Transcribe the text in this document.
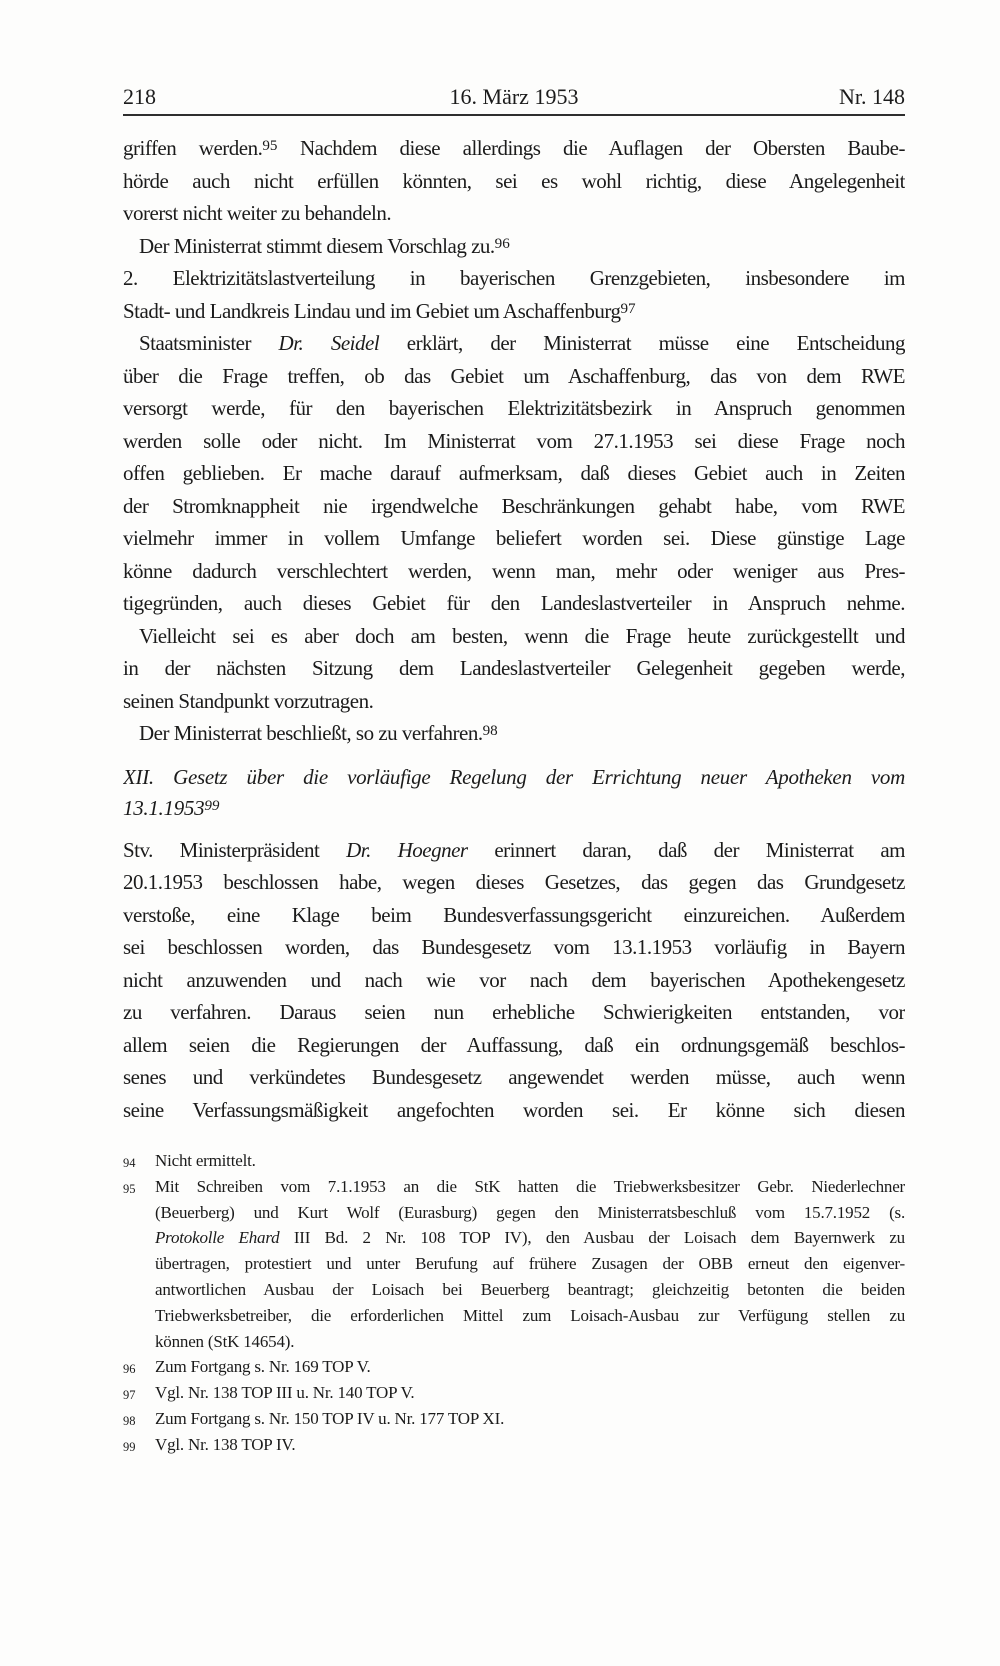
218	16. März 1953	Nr. 148
griffen werden.$^{95}$ Nachdem diese allerdings die Auflagen der Obersten Baube-
hörde auch nicht erfüllen könnten, sei es wohl richtig, diese Angelegenheit
vorerst nicht weiter zu behandeln.
Der Ministerrat stimmt diesem Vorschlag zu.$^{96}$
2. Elektrizitätslastverteilung in bayerischen Grenzgebieten, insbesondere im
Stadt- und Landkreis Lindau und im Gebiet um Aschaffenburg$^{97}$
Staatsminister Dr. Seidel erklärt, der Ministerrat müsse eine Entscheidung
über die Frage treffen, ob das Gebiet um Aschaffenburg, das von dem RWE
versorgt werde, für den bayerischen Elektrizitätsbezirk in Anspruch genommen
werden solle oder nicht. Im Ministerrat vom 27.1.1953 sei diese Frage noch
offen geblieben. Er mache darauf aufmerksam, daß dieses Gebiet auch in Zeiten
der Stromknappheit nie irgendwelche Beschränkungen gehabt habe, vom RWE
vielmehr immer in vollem Umfange beliefert worden sei. Diese günstige Lage
könne dadurch verschlechtert werden, wenn man, mehr oder weniger aus Pres-
tigegründen, auch dieses Gebiet für den Landeslastverteiler in Anspruch nehme.
Vielleicht sei es aber doch am besten, wenn die Frage heute zurückgestellt und
in der nächsten Sitzung dem Landeslastverteiler Gelegenheit gegeben werde,
seinen Standpunkt vorzutragen.
Der Ministerrat beschließt, so zu verfahren.$^{98}$
XII. Gesetz über die vorläufige Regelung der Errichtung neuer Apotheken vom
13.1.1953$^{99}$
Stv. Ministerpräsident Dr. Hoegner erinnert daran, daß der Ministerrat am
20.1.1953 beschlossen habe, wegen dieses Gesetzes, das gegen das Grundgesetz
verstoße, eine Klage beim Bundesverfassungsgericht einzureichen. Außerdem
sei beschlossen worden, das Bundesgesetz vom 13.1.1953 vorläufig in Bayern
nicht anzuwenden und nach wie vor nach dem bayerischen Apothekengesetz
zu verfahren. Daraus seien nun erhebliche Schwierigkeiten entstanden, vor
allem seien die Regierungen der Auffassung, daß ein ordnungsgemäß beschlos-
senes und verkündetes Bundesgesetz angewendet werden müsse, auch wenn
seine Verfassungsmäßigkeit angefochten worden sei. Er könne sich diesen
94 Nicht ermittelt.
95 Mit Schreiben vom 7.1.1953 an die StK hatten die Triebwerksbesitzer Gebr. Niederlechner
(Beuerberg) und Kurt Wolf (Eurasburg) gegen den Ministerratsbeschluß vom 15.7.1952 (s.
Protokolle Ehard III Bd. 2 Nr. 108 TOP IV), den Ausbau der Loisach dem Bayernwerk zu
übertragen, protestiert und unter Berufung auf frühere Zusagen der OBB erneut den eigenver-
antwortlichen Ausbau der Loisach bei Beuerberg beantragt; gleichzeitig betonten die beiden
Triebwerksbetreiber, die erforderlichen Mittel zum Loisach-Ausbau zur Verfügung stellen zu
können (StK 14654).
96 Zum Fortgang s. Nr. 169 TOP V.
97 Vgl. Nr. 138 TOP III u. Nr. 140 TOP V.
98 Zum Fortgang s. Nr. 150 TOP IV u. Nr. 177 TOP XI.
99 Vgl. Nr. 138 TOP IV.
